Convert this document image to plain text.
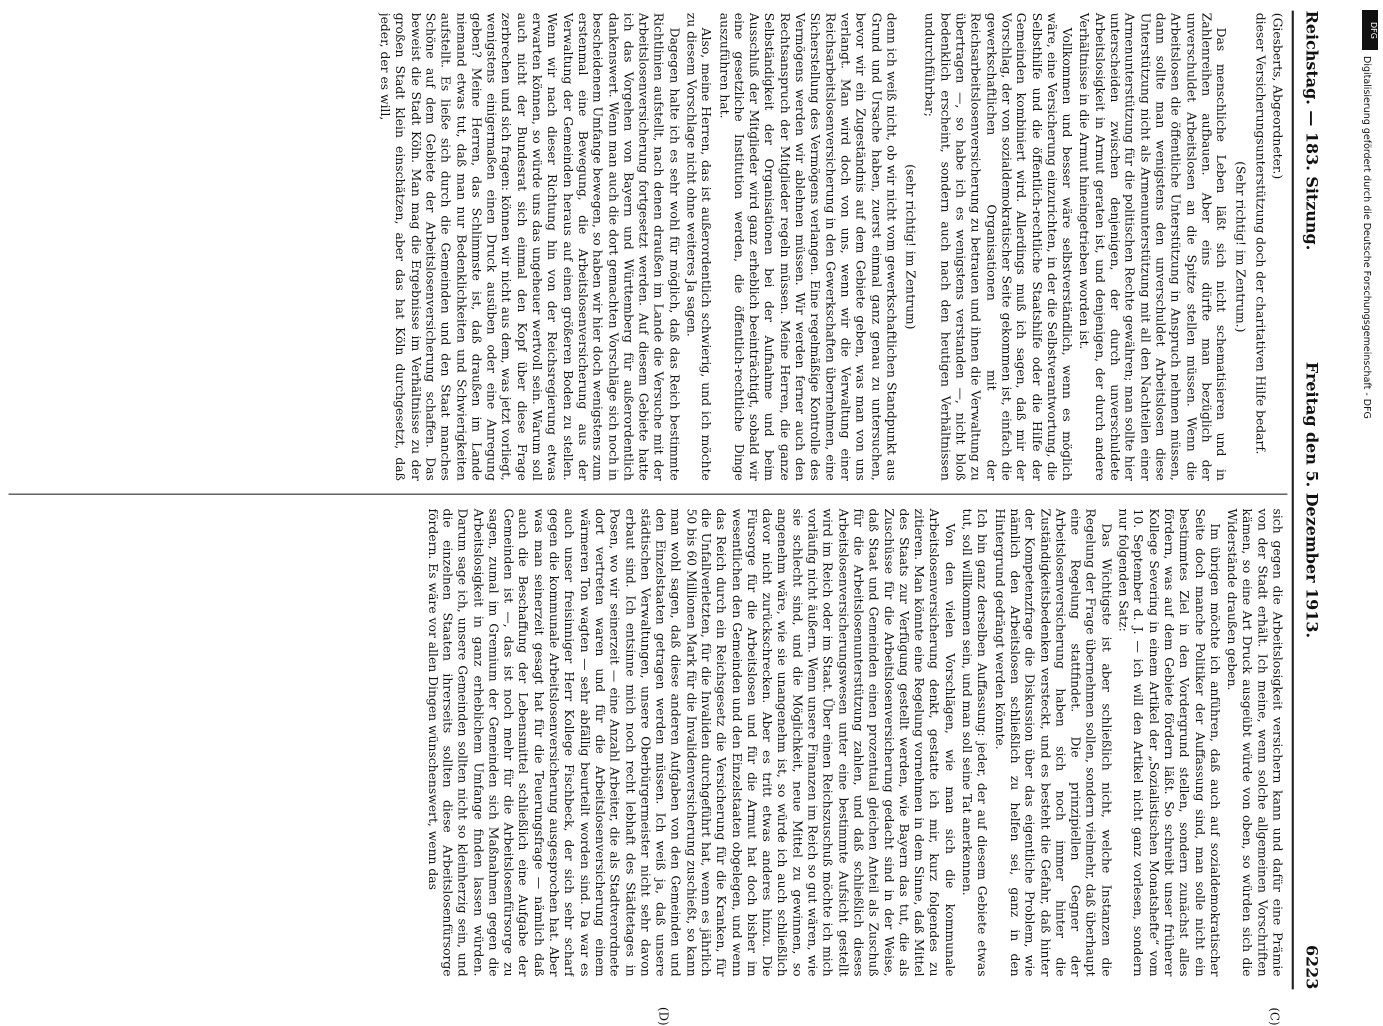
Reichstag. — 183. Sitzung.
Freitag den 5. Dezember 1913.
6223
(C)
(D)

(Giesberts, Abgeordneter.)

dieser Versicherungsunterstützung doch der charitativen Hilfe bedarf.

(Sehr richtig! im Zentrum.)

Das menschliche Leben läßt sich nicht schematisieren und in Zahlenreihen aufbauen. Aber eins dürfte man bezüglich der unverschuldet Arbeitslosen an die Spitze stellen müssen. Wenn die Arbeitslosen die öffentliche Unterstützung in Anspruch nehmen müssen, dann sollte man wenigstens den unverschuldet Arbeitslosen diese Unterstützung nicht als Armenunterstützung mit all den Nachteilen einer Armenunterstützung für die politischen Rechte gewähren; man sollte hier unterscheiden zwischen denjenigen, der durch unverschuldete Arbeitslosigkeit in Armut geraten ist, und denjenigen, der durch andere Verhältnisse in die Armut hineingetrieben worden ist.

Vollkommen und besser wäre selbstverständlich, wenn es möglich wäre, eine Versicherung einzurichten, in der die Selbstverantwortung, die Selbsthilfe und die öffentlich-rechtliche Staatshilfe oder die Hilfe der Gemeinden kombiniert wird. Allerdings muß ich sagen, daß mir der Vorschlag, der von sozialdemokratischer Seite gekommen ist, einfach die gewerkschaftlichen Organisationen mit der Reichsarbeitslosenversicherung zu betrauen und ihnen die Verwaltung zu übertragen —, so habe ich es wenigstens verstanden —, nicht bloß bedenklich erscheint, sondern auch nach den heutigen Verhältnissen undurchführbar;

(sehr richtig! im Zentrum)

denn ich weiß nicht, ob wir nicht vom gewerkschaftlichen Standpunkt aus Grund und Ursache haben, zuerst einmal ganz genau zu untersuchen, bevor wir ein Zugeständnis auf dem Gebiete geben, was man von uns verlangt. Man wird doch von uns, wenn wir die Verwaltung einer Reichsarbeitslosenversicherung in den Gewerkschaften übernehmen, eine Sicherstellung des Vermögens verlangen. Eine regelmäßige Kontrolle des Vermögens werden wir ablehnen müssen. Wir werden ferner auch den Rechtsanspruch der Mitglieder regeln müssen. Meine Herren, die ganze Selbständigkeit der Organisationen bei der Aufnahme und beim Ausschluß der Mitglieder wird ganz erheblich beeinträchtigt, sobald wir eine gesetzliche Institution werden, die öffentlich-rechtliche Dinge auszuführen hat.

Also, meine Herren, das ist außerordentlich schwierig, und ich möchte zu diesem Vorschlage nicht ohne weiteres Ja sagen.

Dagegen halte ich es sehr wohl für möglich, daß das Reich bestimmte Richtlinien aufstellt, nach denen draußen im Lande die Versuche mit der Arbeitslosenversicherung fortgesetzt werden. Auf diesem Gebiete hatte ich das Vorgehen von Bayern und Württemberg für außerordentlich dankenswert. Wenn man auch die dort gemachten Vorschläge sich noch in bescheidenem Umfange bewegen, so haben wir hier doch wenigstens zum erstenmal eine Bewegung, die Arbeitslosenversicherung aus der Verwaltung der Gemeinden heraus auf einen größeren Boden zu stellen. Wenn wir nach dieser Richtung hin von der Reichsregierung etwas erwarten können, so würde uns das ungeheuer wertvoll sein. Warum soll auch nicht der Bundesrat sich einmal den Kopf über diese Frage zerbrechen und sich fragen: können wir nicht aus dem, was jetzt vorliegt, wenigstens einigermaßen einen Druck ausüben oder eine Anregung geben? Meine Herren, das Schlimmste ist, daß draußen im Lande niemand etwas tut, daß man nur Bedenklichkeiten und Schwierigkeiten aufstellt. Es ließe sich durch die Gemeinden und den Staat manches Schöne auf dem Gebiete der Arbeitslosenversicherung schaffen. Das beweist die Stadt Köln. Man mag die Ergebnisse im Verhältnisse zu der großen Stadt klein einschätzen, aber das hat Köln durchgesetzt, daß jeder, der es will,

sich gegen die Arbeitslosigkeit versichern kann und dafür eine Prämie von der Stadt erhält. Ich meine, wenn solche allgemeinen Vorschriften kämen, so eine Art Druck ausgeübt würde von oben, so würden sich die Widerstände draußen geben.

Im übrigen möchte ich anführen, daß auch auf sozialdemokratischer Seite doch manche Politiker der Auffassung sind, man solle nicht ein bestimmtes Ziel in den Vordergrund stellen, sondern zunächst alles fördern, was auf dem Gebiete fördern läßt. So schreibt unser früherer Kollege Severing in einem Artikel der „Sozialistischen Monatshefte“ vom 10. September d. J. — ich will den Artikel nicht ganz vorlesen, sondern nur folgenden Satz:

Das Wichtigste ist aber schließlich nicht, welche Instanzen die Regelung der Frage übernehmen sollen, sondern vielmehr, daß überhaupt eine Regelung stattfindet. Die prinzipiellen Gegner der Arbeitslosenversicherung haben sich noch immer hinter die Zuständigkeitsbedenken versteckt, und es besteht die Gefahr, daß hinter der Kompetenzfrage die Diskussion über das eigentliche Problem, wie nämlich den Arbeitslosen schließlich zu helfen sei, ganz in den Hintergrund gedrängt werden könnte.

Ich bin ganz derselben Auffassung: jeder, der auf diesem Gebiete etwas tut, soll willkommen sein, und man soll seine Tat anerkennen.

Von den vielen Vorschlägen, wie man sich die kommunale Arbeitslosenversicherung denkt, gestatte ich mir, kurz folgendes zu zitieren. Man könnte eine Regelung vornehmen in dem Sinne, daß Mittel des Staats zur Verfügung gestellt werden, wie Bayern das tut, die als Zuschüsse für die Arbeitslosenversicherung gedacht sind in der Weise, daß Staat und Gemeinden einen prozentual gleichen Anteil als Zuschuß für die Arbeitslosenunterstützung zahlen, und daß schließlich dieses Arbeitslosenversicherungswesen unter eine bestimmte Aufsicht gestellt wird im Reich oder im Staat. Über einen Reichszuschuß möchte ich mich vorläufig nicht äußern. Wenn unsere Finanzen im Reich so gut wären, wie sie schlecht sind, und die Möglichkeit, neue Mittel zu gewinnen, so angenehm wäre, wie sie unangenehm ist, so würde ich auch schließlich davor nicht zurückschrecken. Aber es tritt etwas anderes hinzu. Die Fürsorge für die Arbeitslosen und für die Armut hat doch bisher im wesentlichen den Gemeinden und den Einzelstaaten obgelegen, und wenn das Reich durch ein Reichsgesetz die Versicherung für die Kranken, für die Unfallverletzten, für die Invaliden durchgeführt hat, wenn es jährlich 50 bis 60 Millionen Mark für die Invalidenversicherung zuschießt, so kann man wohl sagen, daß diese anderen Aufgaben von den Gemeinden und den Einzelstaaten getragen werden müssen. Ich weiß ja, daß unsere städtischen Verwaltungen, unsere Oberbürgermeister nicht sehr davon erbaut sind. Ich entsinne mich noch recht lebhaft des Städtetages in Posen, wo wir seinerzeit — eine Anzahl Arbeiter, die als Stadtverordnete dort vertreten waren und für die Arbeitslosenversicherung einem wärmeren Ton wagten — sehr abfällig beurteilt worden sind. Da war es auch unser freisinniger Herr Kollege Fischbeck, der sich sehr scharf gegen die kommunale Arbeitslosenversicherung ausgesprochen hat. Aber was man seinerzeit gesagt hat für die Teuerungsfrage — nämlich daß auch die Beschaffung der Lebensmittel schließlich eine Aufgabe der Gemeinden ist —, das ist noch mehr für die Arbeitslosenfürsorge zu sagen, zumal im Gremium der Gemeinden sich Maßnahmen gegen die Arbeitslosigkeit in ganz erheblichem Umfange finden lassen würden. Darum sage ich, unsere Gemeinden sollten nicht so kleinherzig sein, und die einzelnen Staaten ihrerseits sollten diese Arbeitslosenfürsorge fördern. Es wäre vor allen Dingen wünschenswert, wenn das

DFG
Digitalisierung gefördert durch die Deutsche Forschungsgemeinschaft - DFG
